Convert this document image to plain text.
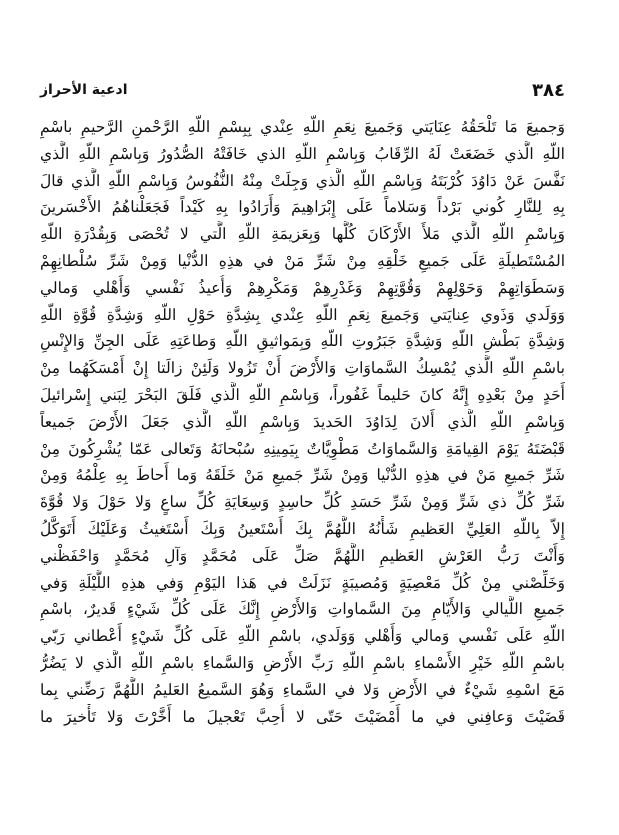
٣٨٤
ادعية الأحراز
وَجميعَ مَا تَلْحَقُهُ عِنَايَتي وَجَميعَ نِعَمِ اللّهِ عِنْدي بِبِسْمِ اللّهِ الرَّحْمنِ الرَّحيمِ باسْمِ
اللّهِ الَّذي خَضَعَتْ لَهُ الرِّقَابُ وَبِاسْمِ اللّهِ الذي خَافَتْهُ الصُّدُورُ وَبِاسْمِ اللّهِ الَّذي
نَفَّسَ عَنْ دَاوُدَ كُرْبَتَهُ وَبِاسْمِ اللّهِ الَّذي وَجِلَتْ مِنْهُ النُّفُوسُ وَبِاسْمِ اللّهِ الَّذي قالَ
بِهِ لِلنَّارِ كُوني بَرْداً وَسَلاماً عَلَى إِبْرَاهِيمَ وَأَرَادُوا بِهِ كَيْداً فَجَعَلْناهُمُ الأَخْسَرينَ
وَبِاسْمِ اللّهِ الَّذي مَلأَ الأَرْكَانَ كُلَّها وَبِعَزيمَةِ اللّهِ الَّتي لا تُحْصَى وَبِقُدْرَةِ اللّهِ
المُسْتَطيلَةِ عَلَى جَميعِ خَلْقِهِ مِنْ شَرِّ مَنْ في هذِهِ الدُّنْيا وَمِنْ شَرِّ سُلْطانِهِمْ
وَسَطَوَاتِهِمْ وَحَوْلِهِمْ وَقُوَّتِهِمْ وَغَدْرِهِمْ وَمَكْرِهِمْ وَأُعيذُ نَفْسي وَأَهْلي وَمالي
وَوَلَدي وَذَوي عِنايَتي وَجَميعَ نِعَمِ اللّهِ عِنْدي بِشِدَّةِ حَوْلِ اللّهِ وَشِدَّةِ قُوَّةِ اللّهِ
وَشِدَّةِ بَطْشِ اللّهِ وَشِدَّةِ جَبَرُوتِ اللّهِ وَبِمَواثيقِ اللّهِ وَطاعَتِهِ عَلَى الجِنِّ وَالإِنْسِ
باسْمِ اللّهِ الَّذي يُمْسِكُ السَّماوَاتِ وَالأَرْضَ أَنْ تَزُولا وَلَئِنْ زالَتا إِنْ أَمْسَكَهُما مِنْ
أَحَدٍ مِنْ بَعْدِهِ إِنَّهُ كانَ حَليماً غَفُوراً، وَبِاسْمِ اللّهِ الَّذي فَلَقَ البَحْرَ لِبَني إِسْرائيلَ
وَبِاسْمِ اللّهِ الَّذي أَلانَ لِدَاوُدَ الحَديدَ وَبِاسْمِ اللّهِ الَّذي جَعَلَ الأَرْضَ جَميعاً
قَبْضَتَهُ يَوْمَ القِيامَةِ وَالسَّماوَاتُ مَطْوِيَّاتٌ بِيَمِينِهِ سُبْحانَهُ وَتَعالى عَمّا يُشْرِكُونَ مِنْ
شَرِّ جَميعِ مَنْ في هذِهِ الدُّنْيا وَمِنْ شَرِّ جَميعِ مَنْ خَلَقَهُ وَما أَحاطَ بِهِ عِلْمُهُ وَمِنْ
شَرِّ كُلِّ ذي شَرٍّ وَمِنْ شَرِّ حَسَدِ كُلِّ حاسِدٍ وَسِعَايَةِ كُلِّ ساعٍ وَلا حَوْلَ وَلا قُوَّةَ
إِلاّ بِاللّهِ العَلِيِّ العَظيمِ شَأْنُهُ اللَّهُمَّ بِكَ أَسْتَعينُ وَبِكَ أَسْتَغيثُ وَعَلَيْكَ أَتَوَكَّلُ
وَأَنْتَ رَبُّ العَرْشِ العَظيمِ اللَّهُمَّ صَلِّ عَلَى مُحَمَّدٍ وَآلِ مُحَمَّدٍ وَاحْفَظْني
وَخَلِّصْني مِنْ كُلِّ مَعْصِيَةٍ وَمُصيبَةٍ نَزَلَتْ في هَذا اليَوْمِ وَفي هذِهِ اللَّيْلَةِ وَفي
جَميعِ اللَّيالي وَالأَيّامِ مِنَ السَّماواتِ وَالأَرْضِ إِنَّكَ عَلَى كُلِّ شَيْءٍ قَديرٌ، باسْمِ
اللّهِ عَلَى نَفْسي وَمالي وَأَهْلي وَوَلَدي، باسْمِ اللّهِ عَلَى كُلِّ شَيْءٍ أَعْطاني رَبّي
باسْمِ اللّهِ خَيْرِ الأَسْماءِ باسْمِ اللّهِ رَبِّ الأَرْضِ وَالسَّماءِ باسْمِ اللّهِ الَّذي لا يَضُرُّ
مَعَ اسْمِهِ شَيْءٌ في الأَرْضِ وَلا في السَّماءِ وَهُوَ السَّميعُ العَليمُ اللَّهُمَّ رَضِّني بِما
قَضَيْتَ وَعافِني في ما أَمْضَيْتَ حَتّى لا أُحِبَّ تَعْجيلَ ما أَخَّرْتَ وَلا تَأْخيرَ ما
